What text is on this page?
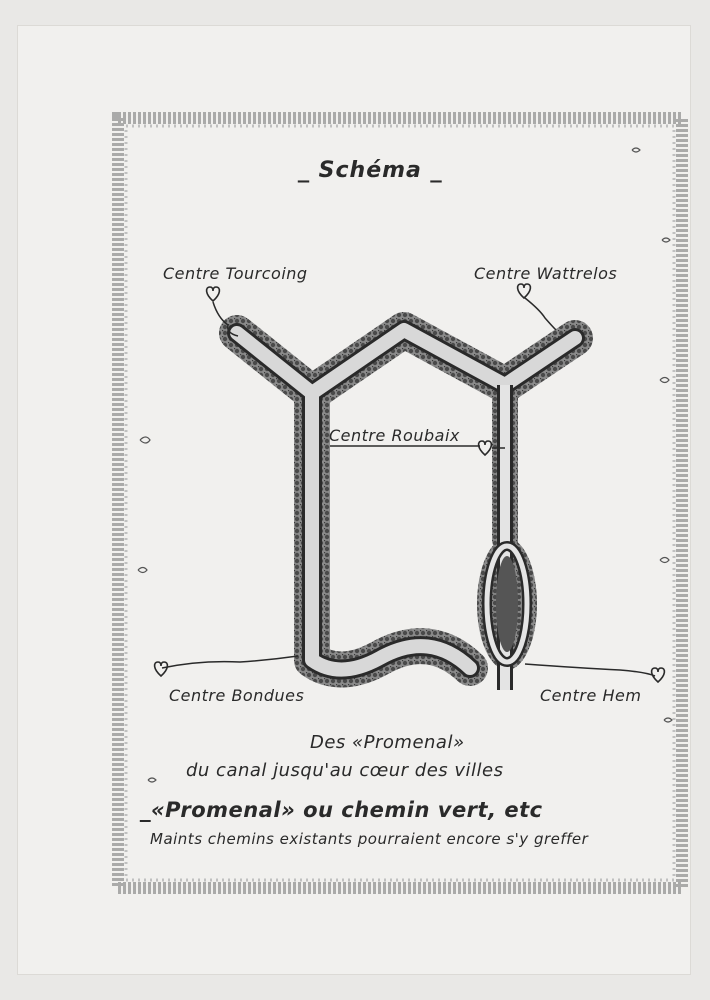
_ Schéma _

Centre Tourcoing	Centre Wattrelos

Centre Roubaix

Centre Bondues	Centre Hem

Des «Promenal»

du canal jusqu'au cœur des villes

_«Promenal» ou chemin vert, etc

Maints chemins existants pourraient encore s'y greffer
